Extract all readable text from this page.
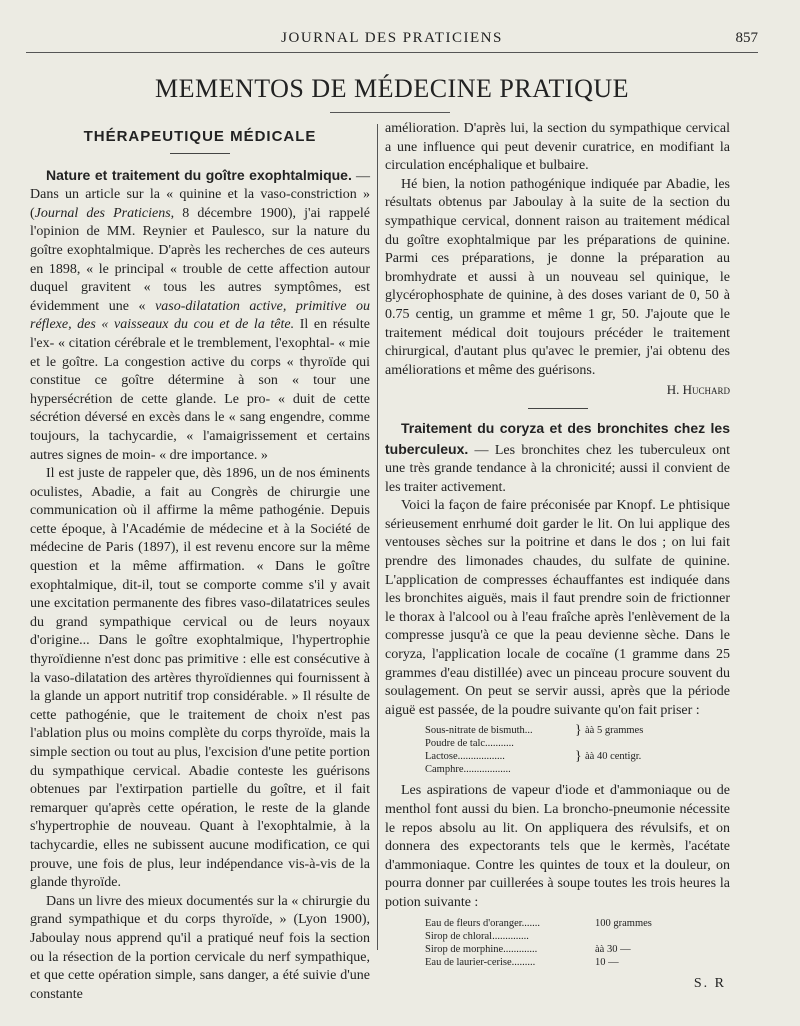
JOURNAL DES PRATICIENS	857
MEMENTOS DE MÉDECINE PRATIQUE
THÉRAPEUTIQUE MÉDICALE

Nature et traitement du goître exophtalmique. — Dans un article sur la « quinine et la vaso-constriction » (Journal des Praticiens, 8 décembre 1900), j'ai rappelé l'opinion de MM. Reynier et Paulesco, sur la nature du goître exophtalmique. D'après les recherches de ces auteurs en 1898, « le principal « trouble de cette affection autour duquel gravitent « tous les autres symptômes, est évidemment une « vaso-dilatation active, primitive ou réflexe, des « vaisseaux du cou et de la tête. Il en résulte l'ex- « citation cérébrale et le tremblement, l'exophtal- « mie et le goître. La congestion active du corps « thyroïde qui constitue ce goître détermine à son « tour une hypersécrétion de cette glande. Le pro- « duit de cette sécrétion déversé en excès dans le « sang engendre, comme toujours, la tachycardie, « l'amaigrissement et certains autres signes de moin- « dre importance. »

Il est juste de rappeler que, dès 1896, un de nos éminents oculistes, Abadie, a fait au Congrès de chirurgie une communication où il affirme la même pathogénie. Depuis cette époque, à l'Académie de médecine et à la Société de médecine de Paris (1897), il est revenu encore sur la même question et la même affirmation. « Dans le goître exophtalmique, dit-il, tout se comporte comme s'il y avait une excitation permanente des fibres vaso-dilatatrices seules du grand sympathique cervical ou de leurs noyaux d'origine... Dans le goître exophtalmique, l'hypertrophie thyroïdienne n'est donc pas primitive : elle est consécutive à la vaso-dilatation des artères thyroïdiennes qui fournissent à la glande un apport nutritif trop considérable. » Il résulte de cette pathogénie, que le traitement de choix n'est pas l'ablation plus ou moins complète du corps thyroïde, mais la simple section ou tout au plus, l'excision d'une petite portion du sympathique cervical. Abadie conteste les guérisons obtenues par l'extirpation partielle du goître, et il fait remarquer qu'après cette opération, le reste de la glande s'hypertrophie de nouveau. Quant à l'exophtalmie, à la tachycardie, elles ne subissent aucune modification, ce qui prouve, une fois de plus, leur indépendance vis-à-vis de la glande thyroïde.

Dans un livre des mieux documentés sur la « chirurgie du grand sympathique et du corps thyroïde, » (Lyon 1900), Jaboulay nous apprend qu'il a pratiqué neuf fois la section ou la résection de la portion cervicale du nerf sympathique, et que cette opération simple, sans danger, a été suivie d'une constante

amélioration. D'après lui, la section du sympathique cervical a une influence qui peut devenir curatrice, en modifiant la circulation encéphalique et bulbaire.

Hé bien, la notion pathogénique indiquée par Abadie, les résultats obtenus par Jaboulay à la suite de la section du sympathique cervical, donnent raison au traitement médical du goître exophtalmique par les préparations de quinine. Parmi ces préparations, je donne la préparation au bromhydrate et aussi à un nouveau sel quinique, le glycérophosphate de quinine, à des doses variant de 0, 50 à 0.75 centig, un gramme et même 1 gr, 50. J'ajoute que le traitement médical doit toujours précéder le traitement chirurgical, d'autant plus qu'avec le premier, j'ai obtenu des améliorations et même des guérisons.

H. Huchard

Traitement du coryza et des bronchites chez les tuberculeux. — Les bronchites chez les tuberculeux ont une très grande tendance à la chronicité; aussi il convient de les traiter activement.

Voici la façon de faire préconisée par Knopf. Le phtisique sérieusement enrhumé doit garder le lit. On lui applique des ventouses sèches sur la poitrine et dans le dos ; on lui fait prendre des limonades chaudes, du sulfate de quinine. L'application de compresses échauffantes est indiquée dans les bronchites aiguës, mais il faut prendre soin de frictionner le thorax à l'alcool ou à l'eau fraîche après l'enlèvement de la compresse jusqu'à ce que la peau devienne sèche. Dans le coryza, l'application locale de cocaïne (1 gramme dans 25 grammes d'eau distillée) avec un pinceau procure souvent du soulagement. On peut se servir aussi, après que la période aiguë est passée, de la poudre suivante qu'on fait priser :

Sous-nitrate de bismuth...	} àà 5 grammes
Poudre de talc...........
Lactose..................	} àà 40 centigr.
Camphre..................

Les aspirations de vapeur d'iode et d'ammoniaque ou de menthol font aussi du bien. La broncho-pneumonie nécessite le repos absolu au lit. On appliquera des révulsifs, et on donnera des expectorants tels que le kermès, l'acétate d'ammoniaque. Contre les quintes de toux et la douleur, on pourra donner par cuillerées à soupe toutes les trois heures la potion suivante :

Eau de fleurs d'oranger.......	100 grammes
Sirop de chloral..............
Sirop de morphine.............	àà 30 —
Eau de laurier-cerise.........	10 —
S. R
